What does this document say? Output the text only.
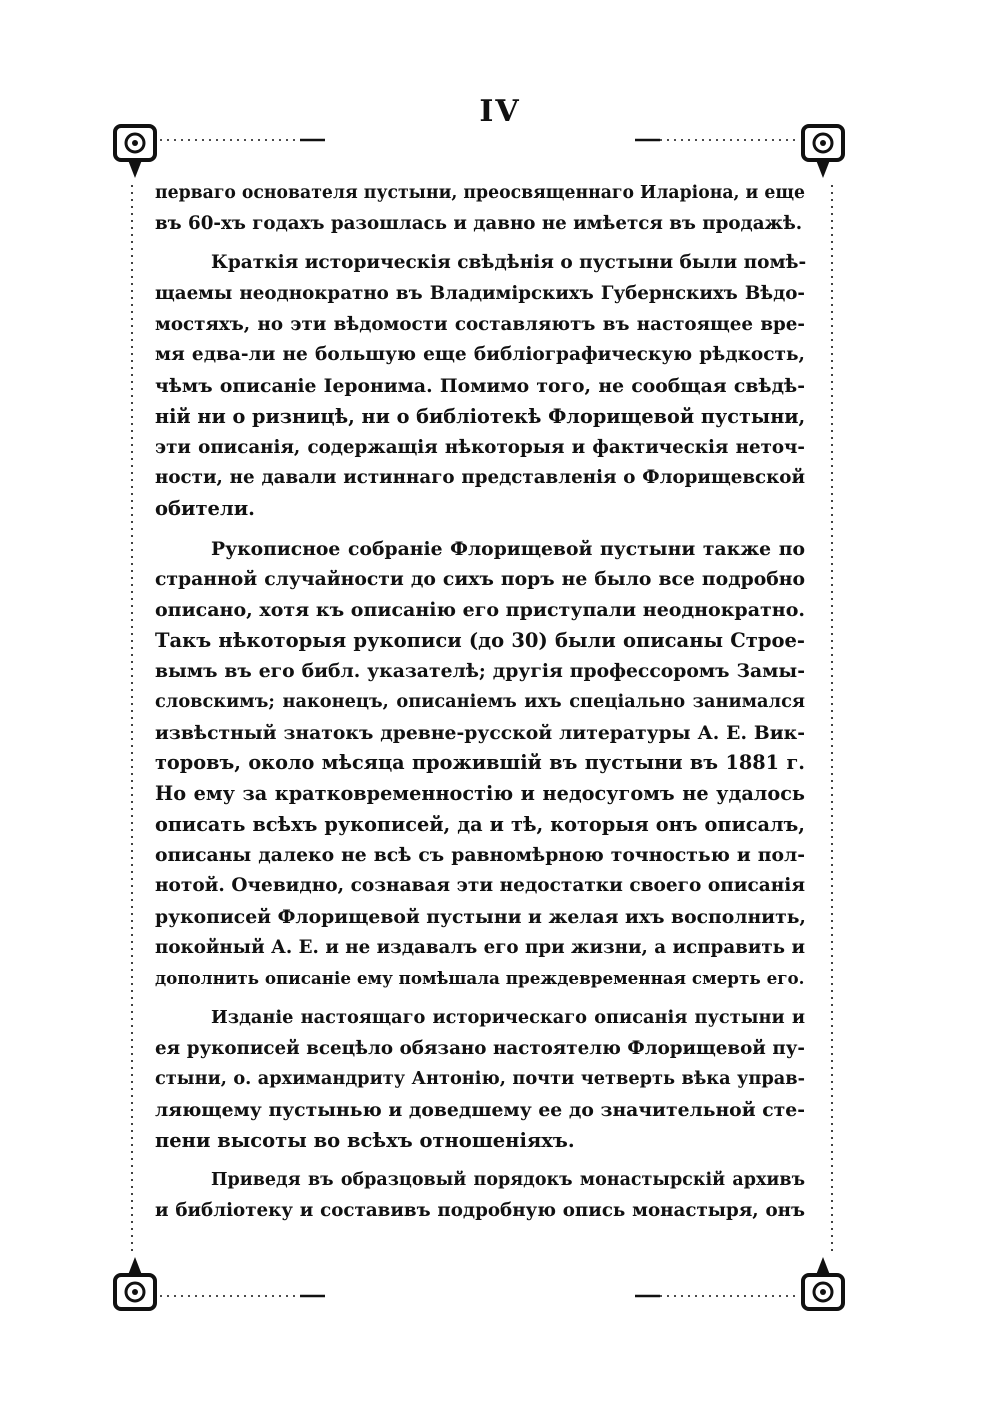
IV
перваго основателя пустыни, преосвященнаго Иларіона, и еще
въ 60-хъ годахъ разошлась и давно не имѣется въ продажѣ.
Краткія историческія свѣдѣнія о пустыни были помѣ-
щаемы неоднократно въ Владимірскихъ Губернскихъ Вѣдо-
мостяхъ, но эти вѣдомости составляютъ въ настоящее вре-
мя едва-ли не большую еще библіографическую рѣдкость,
чѣмъ описаніе Іеронима. Помимо того, не сообщая свѣдѣ-
ній ни о ризницѣ, ни о библіотекѣ Флорищевой пустыни,
эти описанія, содержащія нѣкоторыя и фактическія неточ-
ности, не давали истиннаго представленія о Флорищевской
обители.
Рукописное собраніе Флорищевой пустыни также по
странной случайности до сихъ поръ не было все подробно
описано, хотя къ описанію его приступали неоднократно.
Такъ нѣкоторыя рукописи (до 30) были описаны Строе-
вымъ въ его библ. указателѣ; другія профессоромъ Замы-
словскимъ; наконецъ, описаніемъ ихъ спеціально занимался
извѣстный знатокъ древне-русской литературы А. Е. Вик-
торовъ, около мѣсяца прожившій въ пустыни въ 1881 г.
Но ему за кратковременностію и недосугомъ не удалось
описать всѣхъ рукописей, да и тѣ, которыя онъ описалъ,
описаны далеко не всѣ съ равномѣрною точностью и пол-
нотой. Очевидно, сознавая эти недостатки своего описанія
рукописей Флорищевой пустыни и желая ихъ восполнить,
покойный А. Е. и не издавалъ его при жизни, а исправить и
дополнить описаніе ему помѣшала преждевременная смерть его.
Изданіе настоящаго историческаго описанія пустыни и
ея рукописей всецѣло обязано настоятелю Флорищевой пу-
стыни, о. архимандриту Антонію, почти четверть вѣка управ-
ляющему пустынью и доведшему ее до значительной сте-
пени высоты во всѣхъ отношеніяхъ.
Приведя въ образцовый порядокъ монастырскій архивъ
и библіотеку и составивъ подробную опись монастыря, онъ
